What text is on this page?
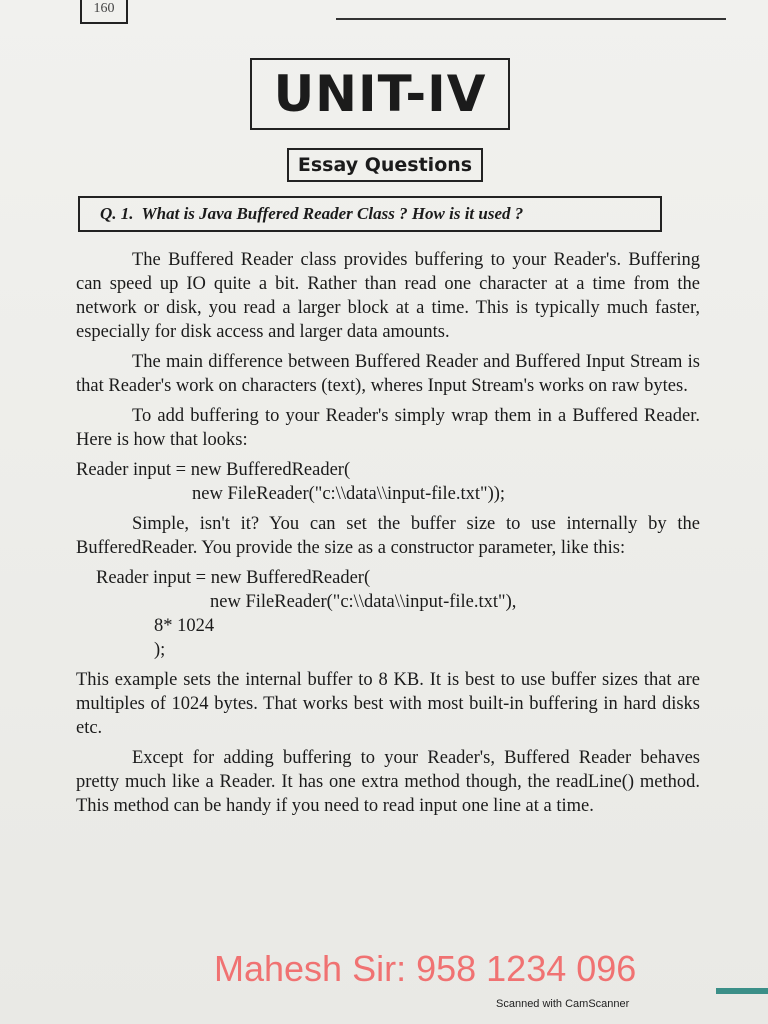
160
UNIT-IV
Essay Questions
Q. 1. What is Java Buffered Reader Class ? How is it used ?

The Buffered Reader class provides buffering to your Reader's. Buffering can speed up IO quite a bit. Rather than read one character at a time from the network or disk, you read a larger block at a time. This is typically much faster, especially for disk access and larger data amounts.

The main difference between Buffered Reader and Buffered Input Stream is that Reader's work on characters (text), wheres Input Stream's works on raw bytes.

To add buffering to your Reader's simply wrap them in a Buffered Reader. Here is how that looks:

Reader input = new BufferedReader(
new FileReader("c:\\data\\input-file.txt"));

Simple, isn't it? You can set the buffer size to use internally by the BufferedReader. You provide the size as a constructor parameter, like this:

Reader input = new BufferedReader(
new FileReader("c:\\data\\input-file.txt"),
8* 1024
);

This example sets the internal buffer to 8 KB. It is best to use buffer sizes that are multiples of 1024 bytes. That works best with most built-in buffering in hard disks etc.

Except for adding buffering to your Reader's, Buffered Reader behaves pretty much like a Reader. It has one extra method though, the readLine() method. This method can be handy if you need to read input one line at a time.

Mahesh Sir: 958 1234 096
Scanned with CamScanner
